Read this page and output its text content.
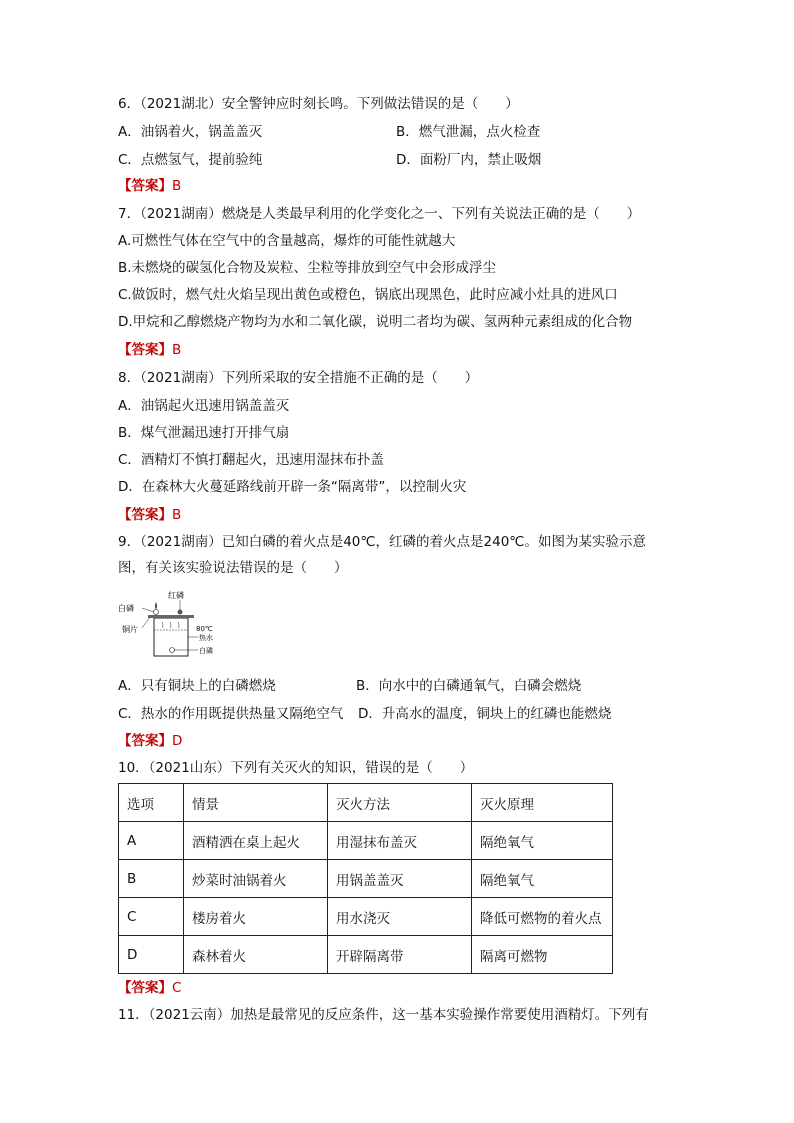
6．（2021湖北）安全警钟应时刻长鸣。下列做法错误的是（　　）
A．油锅着火，锅盖盖灭	B．燃气泄漏，点火检查
C．点燃氢气，提前验纯	D．面粉厂内，禁止吸烟
【答案】B
7．（2021湖南）燃烧是人类最早利用的化学变化之一、下列有关说法正确的是（　　）
A.可燃性气体在空气中的含量越高，爆炸的可能性就越大
B.未燃烧的碳氢化合物及炭粒、尘粒等排放到空气中会形成浮尘
C.做饭时，燃气灶火焰呈现出黄色或橙色，锅底出现黑色，此时应减小灶具的进风口
D.甲烷和乙醇燃烧产物均为水和二氧化碳，说明二者均为碳、氢两种元素组成的化合物
【答案】B
8．（2021湖南）下列所采取的安全措施不正确的是（　　）
A．油锅起火迅速用锅盖盖灭
B．煤气泄漏迅速打开排气扇
C．酒精灯不慎打翻起火，迅速用湿抹布扑盖
D．在森林大火蔓延路线前开辟一条“隔离带”，以控制火灾
【答案】B
9．（2021湖南）已知白磷的着火点是40℃，红磷的着火点是240℃。如图为某实验示意
图，有关该实验说法错误的是（　　）
白磷
红磷
铜片	80℃
热水
白磷
A．只有铜块上的白磷燃烧	B．向水中的白磷通氧气，白磷会燃烧
C．热水的作用既提供热量又隔绝空气 D．升高水的温度，铜块上的红磷也能燃烧
【答案】D
10．（2021山东）下列有关灭火的知识，错误的是（　　）
选项	情景	灭火方法	灭火原理
A	酒精洒在桌上起火	用湿抹布盖灭	隔绝氧气
B	炒菜时油锅着火	用锅盖盖灭	隔绝氧气
C	楼房着火	用水浇灭	降低可燃物的着火点
D	森林着火	开辟隔离带	隔离可燃物
【答案】C
11．（2021云南）加热是最常见的反应条件，这一基本实验操作常要使用酒精灯。下列有
